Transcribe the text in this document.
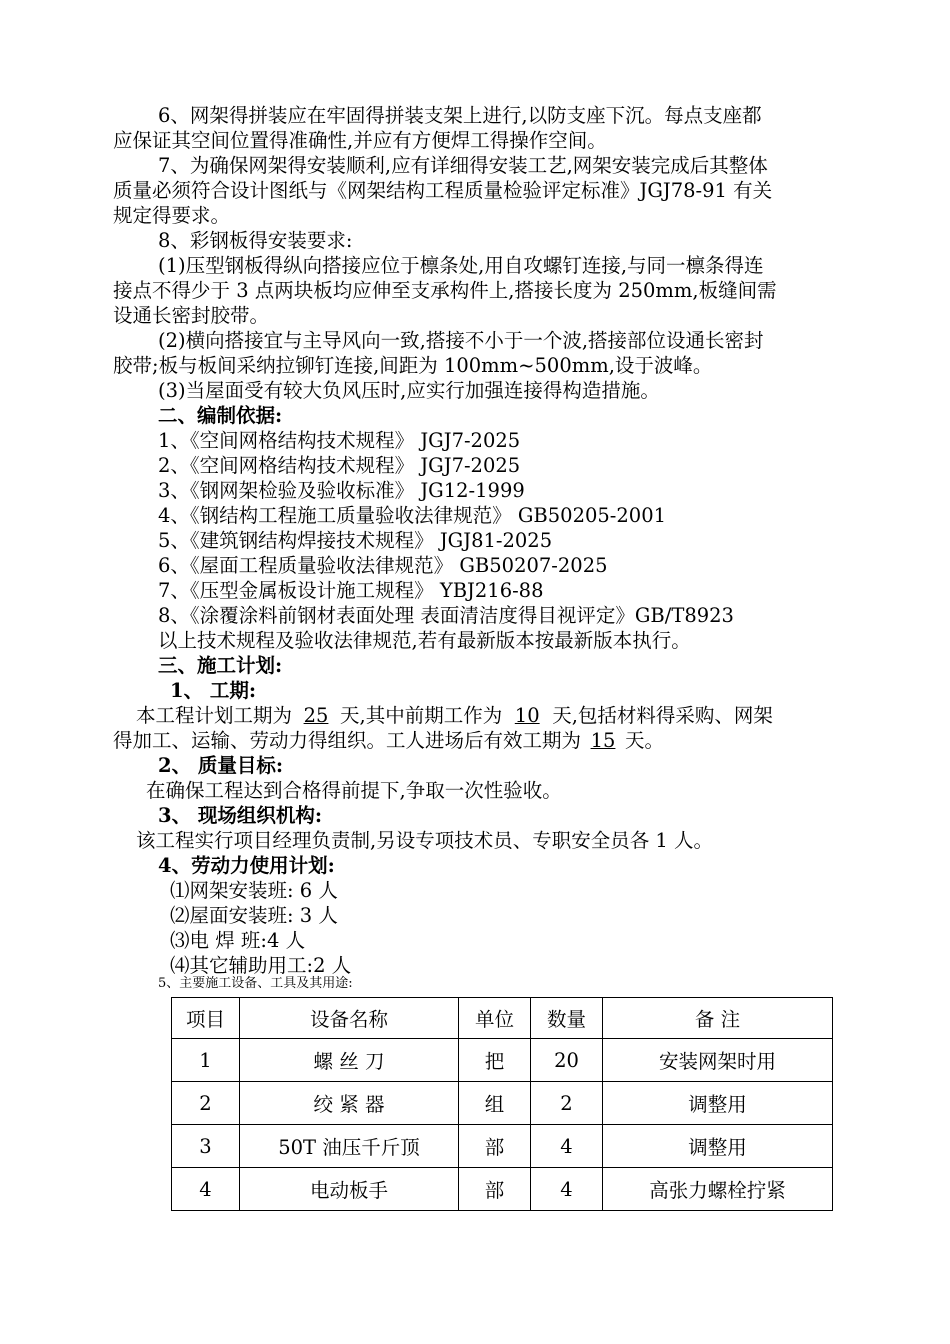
6、网架得拼装应在牢固得拼装支架上进行,以防支座下沉。每点支座都
应保证其空间位置得准确性,并应有方便焊工得操作空间。
7、为确保网架得安装顺利,应有详细得安装工艺,网架安装完成后其整体
质量必须符合设计图纸与《网架结构工程质量检验评定标准》JGJ78-91 有关
规定得要求。
8、彩钢板得安装要求:
(1)压型钢板得纵向搭接应位于檩条处,用自攻螺钉连接,与同一檩条得连
接点不得少于 3 点两块板均应伸至支承构件上,搭接长度为 250mm,板缝间需
设通长密封胶带。
(2)横向搭接宜与主导风向一致,搭接不小于一个波,搭接部位设通长密封
胶带;板与板间采纳拉铆钉连接,间距为 100mm~500mm,设于波峰。
(3)当屋面受有较大负风压时,应实行加强连接得构造措施。
二、编制依据:
1、《空间网格结构技术规程》 JGJ7-2025
2、《空间网格结构技术规程》 JGJ7-2025
3、《钢网架检验及验收标准》 JG12-1999
4、《钢结构工程施工质量验收法律规范》 GB50205-2001
5、《建筑钢结构焊接技术规程》 JGJ81-2025
6、《屋面工程质量验收法律规范》 GB50207-2025
7、《压型金属板设计施工规程》 YBJ216-88
8、《涂覆涂料前钢材表面处理 表面清洁度得目视评定》GB/T8923
以上技术规程及验收法律规范,若有最新版本按最新版本执行。
三、施工计划:
1、 工期:
本工程计划工期为 25 天,其中前期工作为 10 天,包括材料得采购、网架
得加工、运输、劳动力得组织。工人进场后有效工期为 15 天。
2、 质量目标:
在确保工程达到合格得前提下,争取一次性验收。
3、 现场组织机构:
该工程实行项目经理负责制,另设专项技术员、专职安全员各 1 人。
4、劳动力使用计划:
⑴网架安装班: 6 人
⑵屋面安装班: 3 人
⑶电 焊 班:4 人
⑷其它辅助用工:2 人
5、主要施工设备、工具及其用途:
项目	设备名称	单位	数量	备 注
1	螺 丝 刀	把	20	安装网架时用
2	绞 紧 器	组	2	调整用
3	50T 油压千斤顶	部	4	调整用
4	电动板手	部	4	高张力螺栓拧紧
